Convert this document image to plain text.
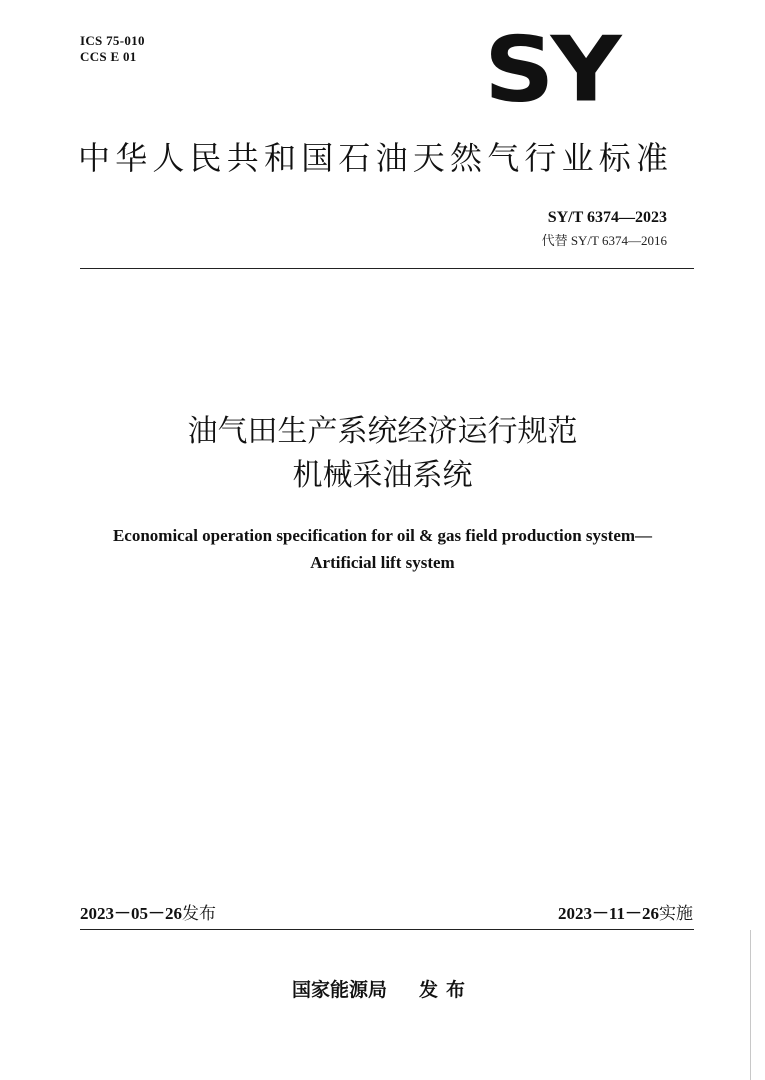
ICS 75-010
CCS E 01	SY
中华人民共和国石油天然气行业标准
SY/T 6374—2023
代替 SY/T 6374—2016
油气田生产系统经济运行规范
机械采油系统
Economical operation specification for oil & gas field production system—
Artificial lift system
2023－05－26发布	2023－11－26实施
国家能源局 发布
